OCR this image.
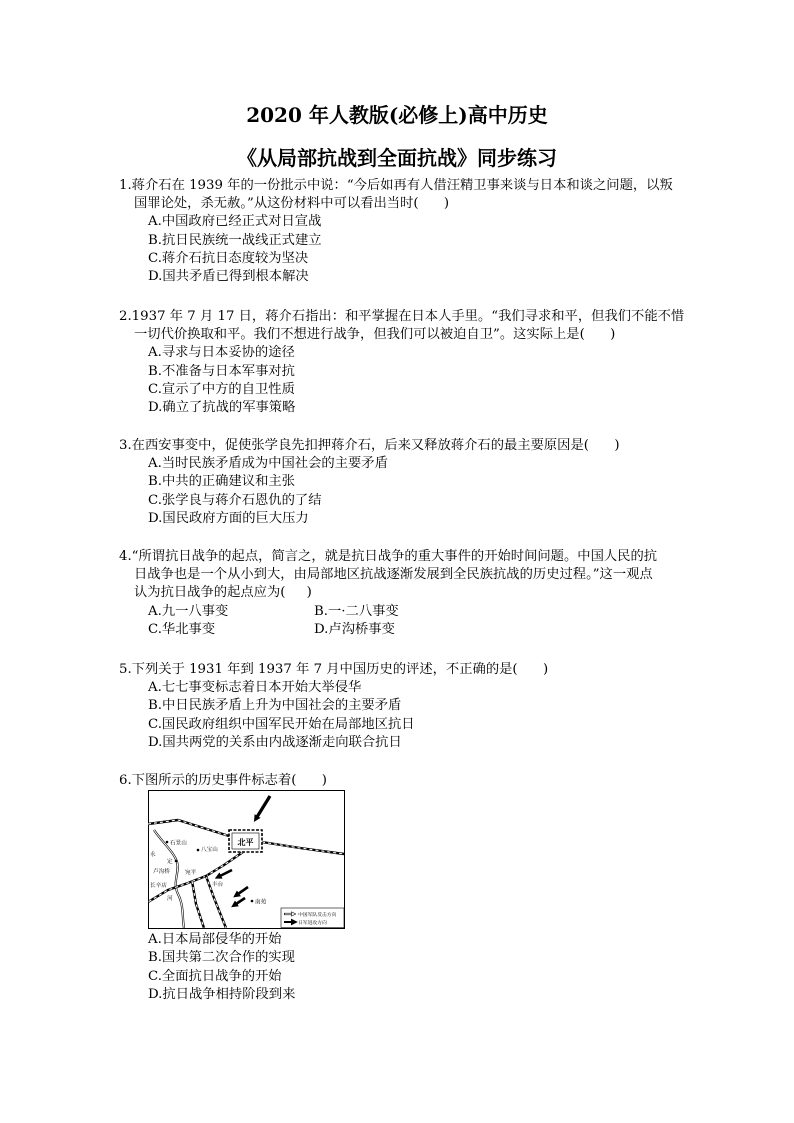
2020 年人教版(必修上)高中历史
《从局部抗战到全面抗战》同步练习
1.蒋介石在 1939 年的一份批示中说：“今后如再有人借汪精卫事来谈与日本和谈之问题，以叛
国罪论处，杀无赦。”从这份材料中可以看出当时(      )
A.中国政府已经正式对日宣战
B.抗日民族统一战线正式建立
C.蒋介石抗日态度较为坚决
D.国共矛盾已得到根本解决
2.1937 年 7 月 17 日，蒋介石指出：和平掌握在日本人手里。“我们寻求和平，但我们不能不惜
一切代价换取和平。我们不想进行战争，但我们可以被迫自卫”。这实际上是(      )
A.寻求与日本妥协的途径
B.不准备与日本军事对抗
C.宣示了中方的自卫性质
D.确立了抗战的军事策略
3.在西安事变中，促使张学良先扣押蒋介石，后来又释放蒋介石的最主要原因是(      )
A.当时民族矛盾成为中国社会的主要矛盾
B.中共的正确建议和主张
C.张学良与蒋介石恩仇的了结
D.国民政府方面的巨大压力
4.“所谓抗日战争的起点，简言之，就是抗日战争的重大事件的开始时间问题。中国人民的抗
日战争也是一个从小到大，由局部地区抗战逐渐发展到全民族抗战的历史过程。”这一观点
认为抗日战争的起点应为(     )
A.九一八事变	B.一·二八事变
C.华北事变	D.卢沟桥事变
5.下列关于 1931 年到 1937 年 7 月中国历史的评述，不正确的是(      )
A.七七事变标志着日本开始大举侵华
B.中日民族矛盾上升为中国社会的主要矛盾
C.国民政府组织中国军民开始在局部地区抗日
D.国共两党的关系由内战逐渐走向联合抗日
6.下图所示的历史事件标志着(      )
石景山
八宝山
北平
永
定
卢沟桥	宛平
丰台
长辛店
河
南苑
中国军队反击方向
日军进攻方向
A.日本局部侵华的开始
B.国共第二次合作的实现
C.全面抗日战争的开始
D.抗日战争相持阶段到来
